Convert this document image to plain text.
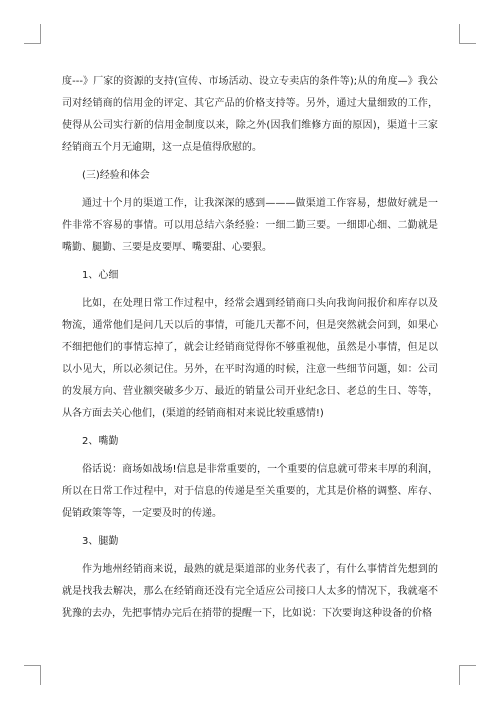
度---》厂家的资源的支持(宣传、市场活动、设立专卖店的条件等);从的角度—》我公司对经销商的信用金的评定、其它产品的价格支持等。另外，通过大量细致的工作，使得从公司实行新的信用金制度以来，除之外(因我们维修方面的原因)，渠道十三家经销商五个月无逾期，这一点是值得欣慰的。

(三)经验和体会

通过十个月的渠道工作，让我深深的感到———做渠道工作容易，想做好就是一件非常不容易的事情。可以用总结六条经验：一细二勤三要。一细即心细、二勤就是嘴勤、腿勤、三要是皮要厚、嘴要甜、心要狠。

1、心细

比如，在处理日常工作过程中，经常会遇到经销商口头向我询问报价和库存以及物流，通常他们是问几天以后的事情，可能几天都不问，但是突然就会问到，如果心不细把他们的事情忘掉了，就会让经销商觉得你不够重视他，虽然是小事情，但足以以小见大，所以必须记住。另外，在平时沟通的时候，注意一些细节问题，如：公司的发展方向、营业额突破多少万、最近的销量公司开业纪念日、老总的生日、等等，从各方面去关心他们，(渠道的经销商相对来说比较重感情!)

2、嘴勤

俗话说：商场如战场!信息是非常重要的，一个重要的信息就可带来丰厚的利润，所以在日常工作过程中，对于信息的传递是至关重要的，尤其是价格的调整、库存、促销政策等等，一定要及时的传递。

3、腿勤

作为地州经销商来说，最熟的就是渠道部的业务代表了，有什么事情首先想到的就是找我去解决，那么在经销商还没有完全适应公司接口人太多的情况下，我就毫不犹豫的去办，先把事情办完后在捎带的提醒一下，比如说：下次要询这种设备的价格
